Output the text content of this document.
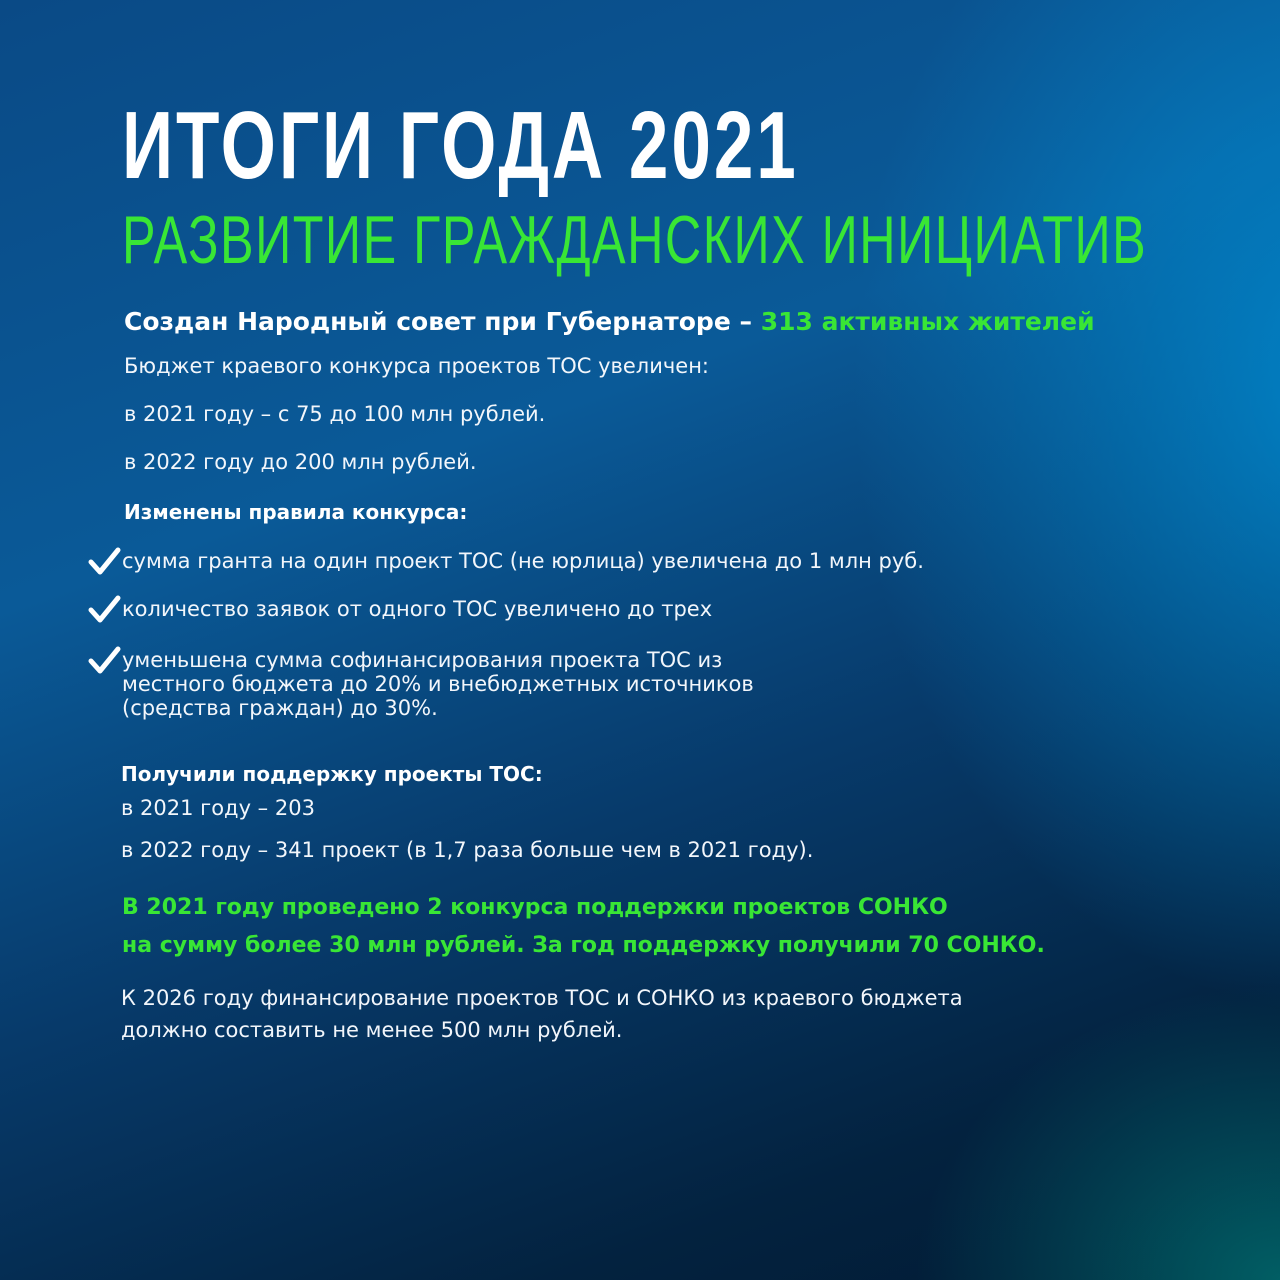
ИТОГИ ГОДА 2021
РАЗВИТИЕ ГРАЖДАНСКИХ ИНИЦИАТИВ
Создан Народный совет при Губернаторе – 313 активных жителей
Бюджет краевого конкурса проектов ТОС увеличен:
в 2021 году – с 75 до 100 млн рублей.
в 2022 году до 200 млн рублей.
Изменены правила конкурса:
сумма гранта на один проект ТОС (не юрлица) увеличена до 1 млн руб.
количество заявок от одного ТОС увеличено до трех
уменьшена сумма софинансирования проекта ТОС из
местного бюджета до 20% и внебюджетных источников
(средства граждан) до 30%.
Получили поддержку проекты ТОС:
в 2021 году – 203
в 2022 году – 341 проект (в 1,7 раза больше чем в 2021 году).
В 2021 году проведено 2 конкурса поддержки проектов СОНКО
на сумму более 30 млн рублей. За год поддержку получили 70 СОНКО.
К 2026 году финансирование проектов ТОС и СОНКО из краевого бюджета
должно составить не менее 500 млн рублей.
